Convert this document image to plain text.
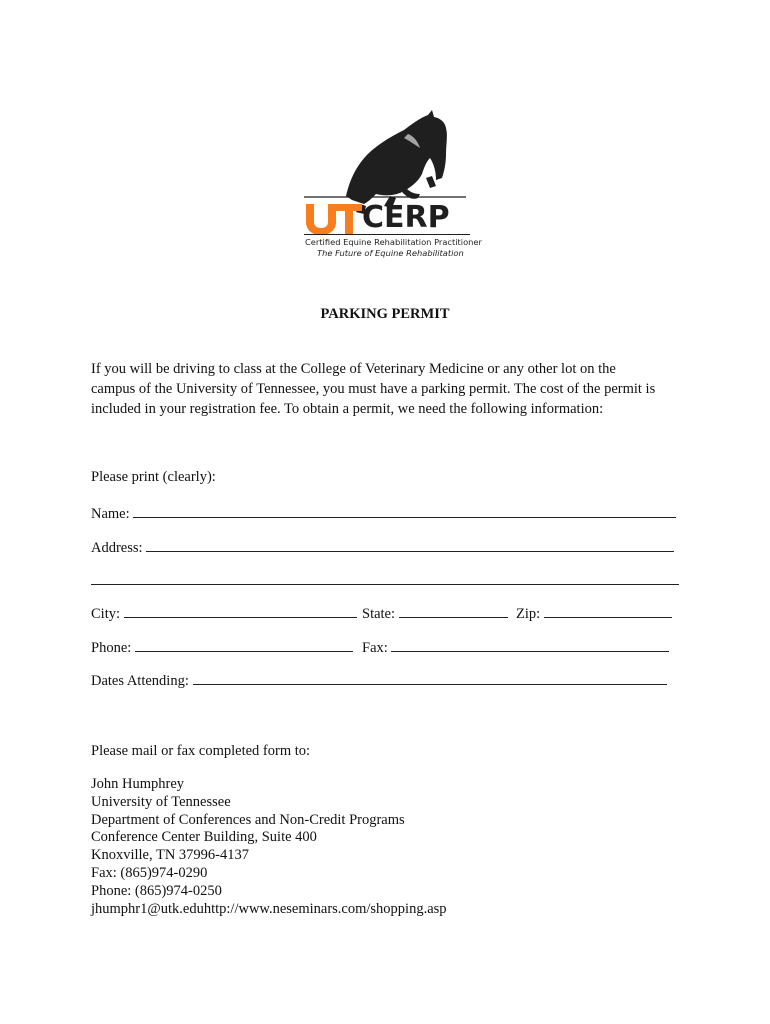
CERP
Certified Equine Rehabilitation Practitioner
The Future of Equine Rehabilitation
PARKING PERMIT
If you will be driving to class at the College of Veterinary Medicine or any other lot on the
campus of the University of Tennessee, you must have a parking permit. The cost of the permit is
included in your registration fee. To obtain a permit, we need the following information:
Please print (clearly):
Name:
Address:
City:	State:	Zip:
Phone:	Fax:
Dates Attending:
Please mail or fax completed form to:
John Humphrey
University of Tennessee
Department of Conferences and Non-Credit Programs
Conference Center Building, Suite 400
Knoxville, TN 37996-4137
Fax: (865)974-0290
Phone: (865)974-0250
jhumphr1@utk.eduhttp://www.neseminars.com/shopping.asp
